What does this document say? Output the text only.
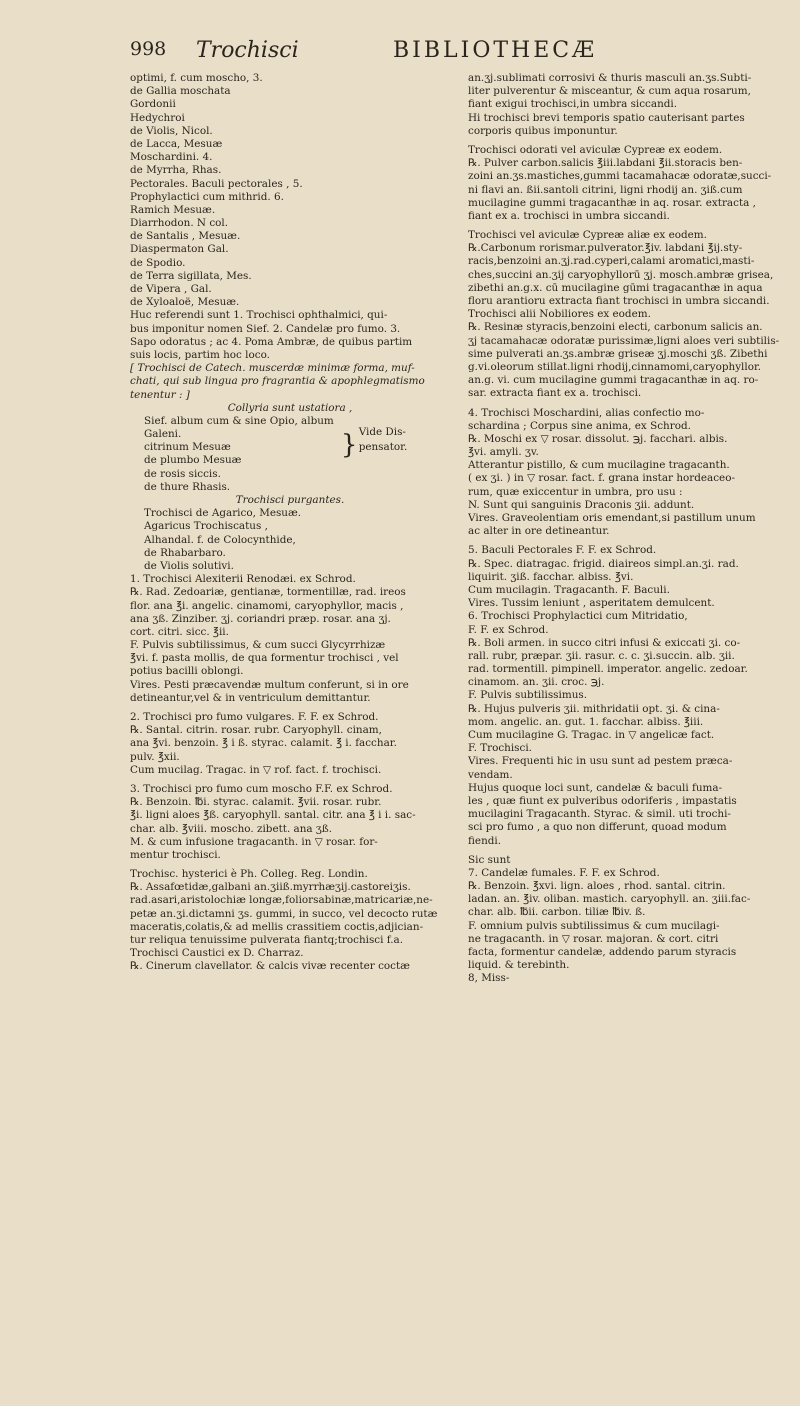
998 Trochisci	BIBLIOTHECÆ
optimi, f. cum moscho, 3.
de Gallia moschata
Gordonii
Hedychroi
de Violis, Nicol.
de Lacca, Mesuæ
Moschardini. 4.
de Myrrha, Rhas.
Pectorales. Baculi pectorales , 5.
Prophylactici cum mithrid. 6.
Ramich Mesuæ.
Diarrhodon. N col.
de Santalis , Mesuæ.
Diaspermaton Gal.
de Spodio.
de Terra sigillata, Mes.
de Vipera , Gal.
de Xyloaloë, Mesuæ.
Huc referendi sunt 1. Trochisci ophthalmici, qui-
bus imponitur nomen Sief. 2. Candelæ pro fumo. 3.
Sapo odoratus ; ac 4. Poma Ambræ, de quibus partim
suis locis, partim hoc loco.
[ Trochisci de Catech. muscerdæ minimæ forma, muf-
chati, qui sub lingua pro fragrantia & apophlegmatismo
tenentur : ]
Collyria sunt ustatiora ,
Sief. album cum & sine Opio, album
Galeni.
citrinum Mesuæ
de plumbo Mesuæ
de rosis siccis.
de thure Rhasis.
} Vide Dis-pensator.
Trochisci purgantes.
Trochisci de Agarico, Mesuæ.
Agaricus Trochiscatus ,
Alhandal. f. de Colocynthide,
de Rhabarbaro.
de Violis solutivi.
1. Trochisci Alexiterii Renodæi. ex Schrod.
℞. Rad. Zedoariæ, gentianæ, tormentillæ, rad. ireos
flor. ana ℥i. angelic. cinamomi, caryophyllor, macis ,
ana ʒß. Zinziber. ʒj. coriandri præp. rosar. ana ʒj.
cort. citri. sicc. ℥ii.
F. Pulvis subtilissimus, & cum succi Glycyrrhizæ
℥vi. f. pasta mollis, de qua formentur trochisci , vel
potius bacilli oblongi.
Vires. Pesti præcavendæ multum conferunt, si in ore
detineantur,vel & in ventriculum demittantur.
2. Trochisci pro fumo vulgares. F. F. ex Schrod.
℞. Santal. citrin. rosar. rubr. Caryophyll. cinam,
ana ℥vi. benzoin. ℥ i ß. styrac. calamit. ℥ i. facchar.
pulv. ℥xii.
Cum mucilag. Tragac. in ▽ rof. fact. f. trochisci.
3. Trochisci pro fumo cum moscho F.F. ex Schrod.
℞. Benzoin. ℔i. styrac. calamit. ℥vii. rosar. rubr.
℥i. ligni aloes ℥ß. caryophyll. santal. citr. ana ℥ i i. sac-
char. alb. ℥viii. moscho. zibett. ana ʒß.
M. & cum infusione tragacanth. in ▽ rosar. for-
mentur trochisci.
Trochisc. hysterici è Ph. Colleg. Reg. Londin.
℞. Assafœtidæ,galbani an.ʒiiß.myrrhæʒij.castoreiʒis.
rad.asari,aristolochiæ longæ,foliorsabinæ,matricariæ,ne-
petæ an.ʒi.dictamni ʒs. gummi, in succo, vel decocto rutæ
maceratis,colatis,& ad mellis crassitiem coctis,adjician-
tur reliqua tenuissime pulverata fiantq;trochisci f.a.
Trochisci Caustici ex D. Charraz.
℞. Cinerum clavellator. & calcis vivæ recenter coctæ
an.ʒj.sublimati corrosivi & thuris masculi an.ʒs.Subti-
liter pulverentur & misceantur, & cum aqua rosarum,
fiant exigui trochisci,in umbra siccandi.
Hi trochisci brevi temporis spatio cauterisant partes
corporis quibus imponuntur.
Trochisci odorati vel aviculæ Cypreæ ex eodem.
℞. Pulver carbon.salicis ℥iii.labdani ℥ii.storacis ben-
zoini an.ʒs.mastiches,gummi tacamahacæ odoratæ,succi-
ni flavi an. ßii.santoli citrini, ligni rhodij an. ʒiß.cum
mucilagine gummi tragacanthæ in aq. rosar. extracta ,
fiant ex a. trochisci in umbra siccandi.
Trochisci vel aviculæ Cypreæ aliæ ex eodem.
℞.Carbonum rorismar.pulverator.℥iv. labdani ℥ij.sty-
racis,benzoini an.ʒj.rad.cyperi,calami aromatici,masti-
ches,succini an.ʒij caryophyllorū ʒj. mosch.ambræ grisea,
zibethi an.g.x. cū mucilagine gūmi tragacanthæ in aqua
floru arantioru extracta fiant trochisci in umbra siccandi.
Trochisci alii Nobiliores ex eodem.
℞. Resinæ styracis,benzoini electi, carbonum salicis an.
ʒj tacamahacæ odoratæ purissimæ,ligni aloes veri subtilis-
sime pulverati an.ʒs.ambræ griseæ ʒj.moschi ʒß. Zibethi
g.vi.oleorum stillat.ligni rhodij,cinnamomi,caryophyllor.
an.g. vi. cum mucilagine gummi tragacanthæ in aq. ro-
sar. extracta fiant ex a. trochisci.
4. Trochisci Moschardini, alias confectio mo-
schardina ; Corpus sine anima, ex Schrod.
℞. Moschi ex ▽ rosar. dissolut. ℈j. facchari. albis.
℥vi. amyli. ʒv.
Atterantur pistillo, & cum mucilagine tragacanth.
( ex ʒi. ) in ▽ rosar. fact. f. grana instar hordeaceo-
rum, quæ exiccentur in umbra, pro usu :
N. Sunt qui sanguinis Draconis ʒii. addunt.
Vires. Graveolentiam oris emendant,si pastillum unum
ac alter in ore detineantur.
5. Baculi Pectorales F. F. ex Schrod.
℞. Spec. diatragac. frigid. diaireos simpl.an.ʒi. rad.
liquirit. ʒiß. facchar. albiss. ℥vi.
Cum mucilagin. Tragacanth. F. Baculi.
Vires. Tussim leniunt , asperitatem demulcent.
6. Trochisci Prophylactici cum Mitridatio,
F. F. ex Schrod.
℞. Boli armen. in succo citri infusi & exiccati ʒi. co-
rall. rubr, præpar. ʒii. rasur. c. c. ʒi.succin. alb. ʒii.
rad. tormentill. pimpinell. imperator. angelic. zedoar.
cinamom. an. ʒii. croc. ℈j.
F. Pulvis subtilissimus.
℞. Hujus pulveris ʒii. mithridatii opt. ʒi. & cina-
mom. angelic. an. gut. 1. facchar. albiss. ℥iii.
Cum mucilagine G. Tragac. in ▽ angelicæ fact.
F. Trochisci.
Vires. Frequenti hic in usu sunt ad pestem præca-
vendam.
Hujus quoque loci sunt, candelæ & baculi fuma-
les , quæ fiunt ex pulveribus odoriferis , impastatis
mucilagini Tragacanth. Styrac. & simil. uti trochi-
sci pro fumo , a quo non differunt, quoad modum
fiendi.
Sic sunt
7. Candelæ fumales. F. F. ex Schrod.
℞. Benzoin. ℥xvi. lign. aloes , rhod. santal. citrin.
ladan. an. ℥iv. oliban. mastich. caryophyll. an. ʒiii.fac-
char. alb. ℔ii. carbon. tiliæ ℔iv. ß.
F. omnium pulvis subtilissimus & cum mucilagi-
ne tragacanth. in ▽ rosar. majoran. & cort. citri
facta, formentur candelæ, addendo parum styracis
liquid. & terebinth.
8, Miss-
